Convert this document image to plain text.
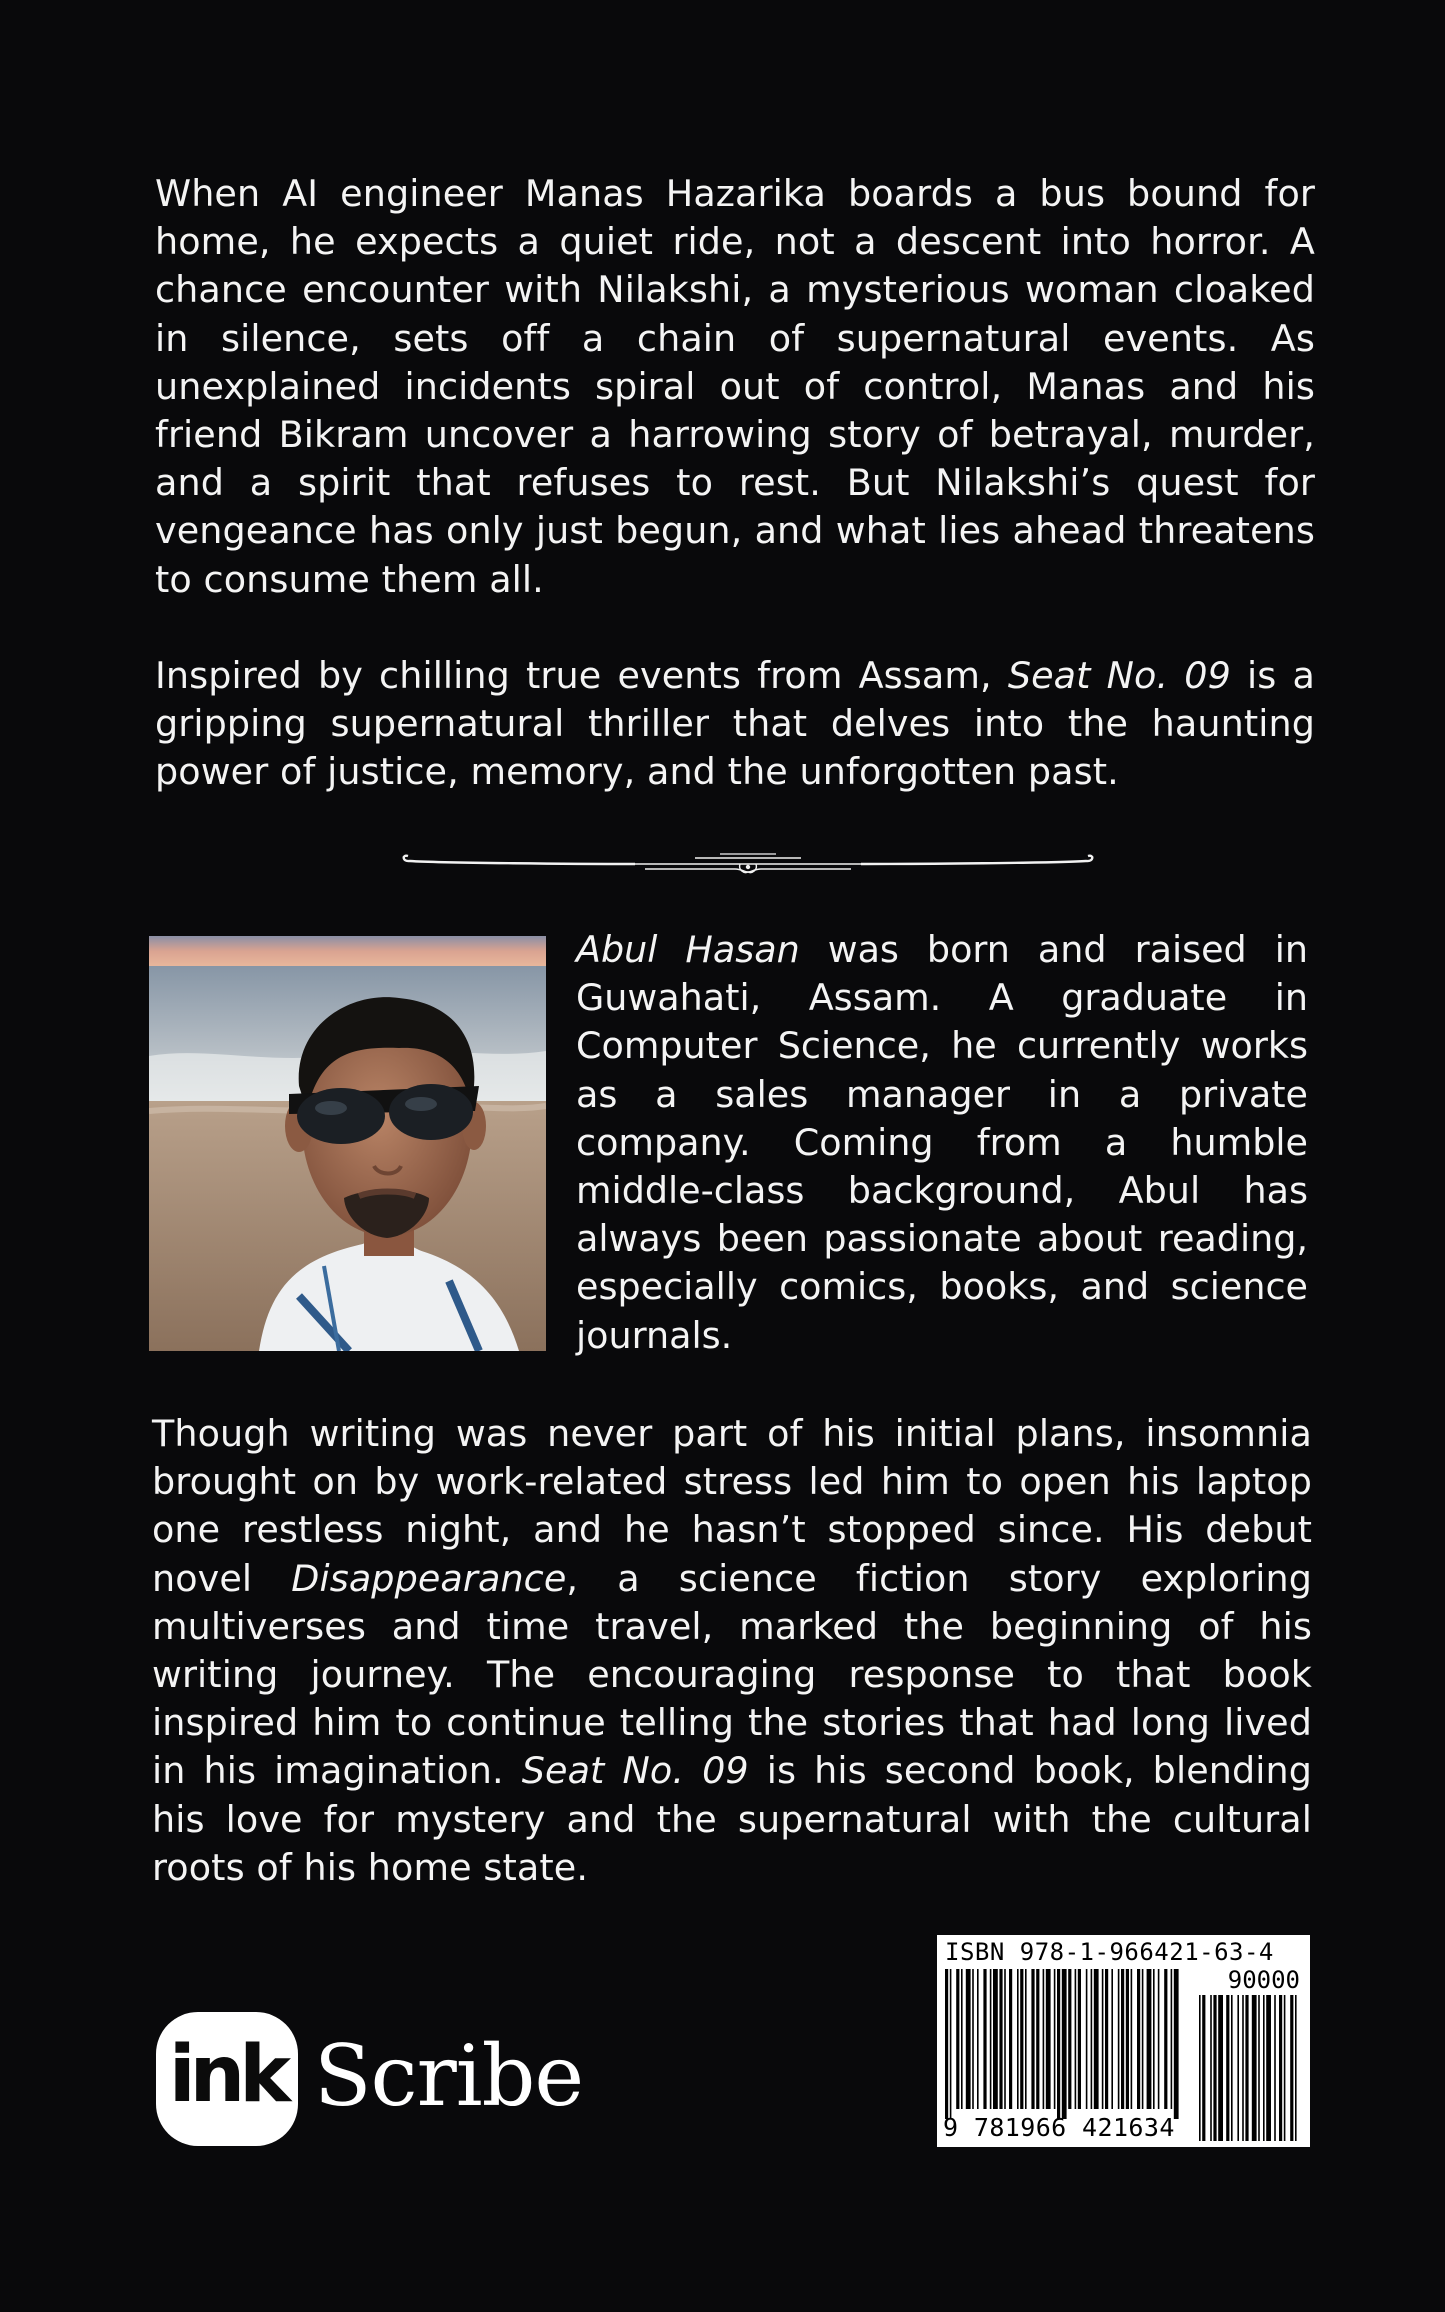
When AI engineer Manas Hazarika boards a bus bound for home, he expects a quiet ride, not a descent into horror. A chance encounter with Nilakshi, a mysterious woman cloaked in silence, sets off a chain of supernatural events. As unexplained incidents spiral out of control, Manas and his friend Bikram uncover a harrowing story of betrayal, murder, and a spirit that refuses to rest. But Nilakshi’s quest for vengeance has only just begun, and what lies ahead threatens to consume them all.

Inspired by chilling true events from Assam, Seat No. 09 is a gripping supernatural thriller that delves into the haunting power of justice, memory, and the unforgotten past.

Abul Hasan was born and raised in Guwahati, Assam. A graduate in Computer Science, he currently works as a sales manager in a private company. Coming from a humble middle-class background, Abul has always been passionate about reading, especially comics, books, and science journals.

Though writing was never part of his initial plans, insomnia brought on by work-related stress led him to open his laptop one restless night, and he hasn’t stopped since. His debut novel Disappearance, a science fiction story exploring multiverses and time travel, marked the beginning of his writing journey. The encouraging response to that book inspired him to continue telling the stories that had long lived in his imagination. Seat No. 09 is his second book, blending his love for mystery and the supernatural with the cultural roots of his home state.

ink Scribe
ISBN 978-1-966421-63-4
90000
9 781966 421634
